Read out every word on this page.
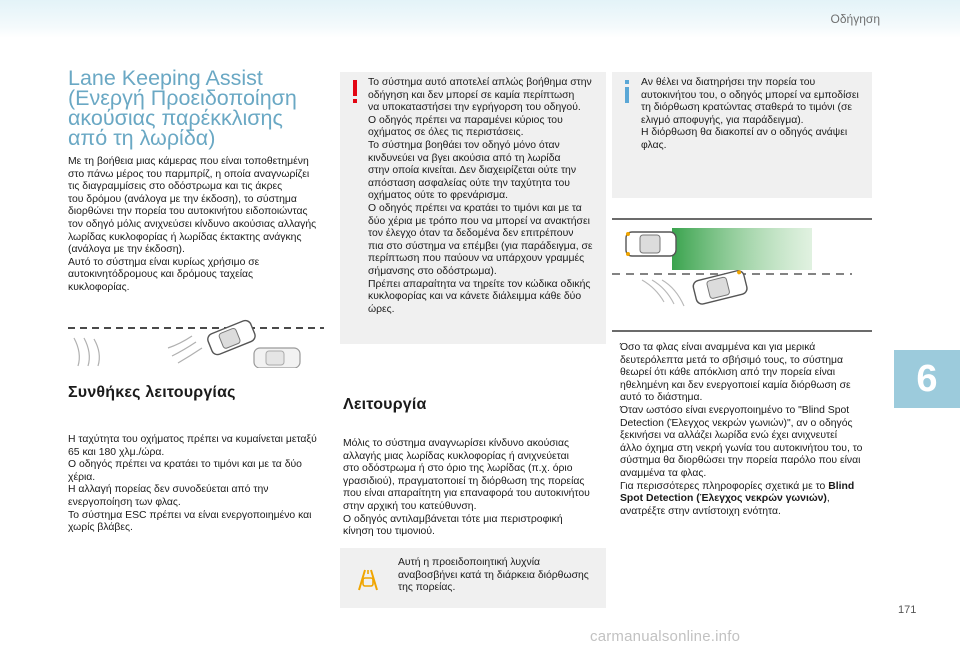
Οδήγηση
Lane Keeping Assist
(Ενεργή Προειδοποίηση
ακούσιας παρέκκλισης
από τη λωρίδα)
Με τη βοήθεια μιας κάμερας που είναι τοποθετημένη
στο πάνω μέρος του παρμπρίζ, η οποία αναγνωρίζει
τις διαγραμμίσεις στο οδόστρωμα και τις άκρες
του δρόμου (ανάλογα με την έκδοση), το σύστημα
διορθώνει την πορεία του αυτοκινήτου ειδοποιώντας
τον οδηγό μόλις ανιχνεύσει κίνδυνο ακούσιας αλλαγής
λωρίδας κυκλοφορίας ή λωρίδας έκτακτης ανάγκης
(ανάλογα με την έκδοση).
Αυτό το σύστημα είναι κυρίως χρήσιμο σε
αυτοκινητόδρομους και δρόμους ταχείας
κυκλοφορίας.
Συνθήκες λειτουργίας
Η ταχύτητα του οχήματος πρέπει να κυμαίνεται μεταξύ
65 και 180 χλμ./ώρα.
Ο οδηγός πρέπει να κρατάει το τιμόνι και με τα δύο
χέρια.
Η αλλαγή πορείας δεν συνοδεύεται από την
ενεργοποίηση των φλας.
Το σύστημα ESC πρέπει να είναι ενεργοποιημένο και
χωρίς βλάβες.
Το σύστημα αυτό αποτελεί απλώς βοήθημα στην
οδήγηση και δεν μπορεί σε καμία περίπτωση
να υποκαταστήσει την εγρήγορση του οδηγού.
Ο οδηγός πρέπει να παραμένει κύριος του
οχήματος σε όλες τις περιστάσεις.
Το σύστημα βοηθάει τον οδηγό μόνο όταν
κινδυνεύει να βγει ακούσια από τη λωρίδα
στην οποία κινείται. Δεν διαχειρίζεται ούτε την
απόσταση ασφαλείας ούτε την ταχύτητα του
οχήματος ούτε το φρενάρισμα.
Ο οδηγός πρέπει να κρατάει το τιμόνι και με τα
δύο χέρια με τρόπο που να μπορεί να ανακτήσει
τον έλεγχο όταν τα δεδομένα δεν επιτρέπουν
πια στο σύστημα να επέμβει (για παράδειγμα, σε
περίπτωση που παύουν να υπάρχουν γραμμές
σήμανσης στο οδόστρωμα).
Πρέπει απαραίτητα να τηρείτε τον κώδικα οδικής
κυκλοφορίας και να κάνετε διάλειμμα κάθε δύο
ώρες.
Λειτουργία
Μόλις το σύστημα αναγνωρίσει κίνδυνο ακούσιας
αλλαγής μιας λωρίδας κυκλοφορίας ή ανιχνεύεται
στο οδόστρωμα ή στο όριο της λωρίδας (π.χ. όριο
γρασιδιού), πραγματοποιεί τη διόρθωση της πορείας
που είναι απαραίτητη για επαναφορά του αυτοκινήτου
στην αρχική του κατεύθυνση.
Ο οδηγός αντιλαμβάνεται τότε μια περιστροφική
κίνηση του τιμονιού.
Αυτή η προειδοποιητική λυχνία
αναβοσβήνει κατά τη διάρκεια διόρθωσης
της πορείας.
Αν θέλει να διατηρήσει την πορεία του
αυτοκινήτου του, ο οδηγός μπορεί να εμποδίσει
τη διόρθωση κρατώντας σταθερά το τιμόνι (σε
ελιγμό αποφυγής, για παράδειγμα).
Η διόρθωση θα διακοπεί αν ο οδηγός ανάψει
φλας.
Όσο τα φλας είναι αναμμένα και για μερικά
δευτερόλεπτα μετά το σβήσιμό τους, το σύστημα
θεωρεί ότι κάθε απόκλιση από την πορεία είναι
ηθελημένη και δεν ενεργοποιεί καμία διόρθωση σε
αυτό το διάστημα.
Όταν ωστόσο είναι ενεργοποιημένο το "Blind Spot
Detection (Έλεγχος νεκρών γωνιών)", αν ο οδηγός
ξεκινήσει να αλλάζει λωρίδα ενώ έχει ανιχνευτεί
άλλο όχημα στη νεκρή γωνία του αυτοκινήτου του, το
σύστημα θα διορθώσει την πορεία παρόλο που είναι
αναμμένα τα φλας.
Για περισσότερες πληροφορίες σχετικά με το Blind
Spot Detection (Έλεγχος νεκρών γωνιών),
ανατρέξτε στην αντίστοιχη ενότητα.
6
171
carmanualsonline.info
